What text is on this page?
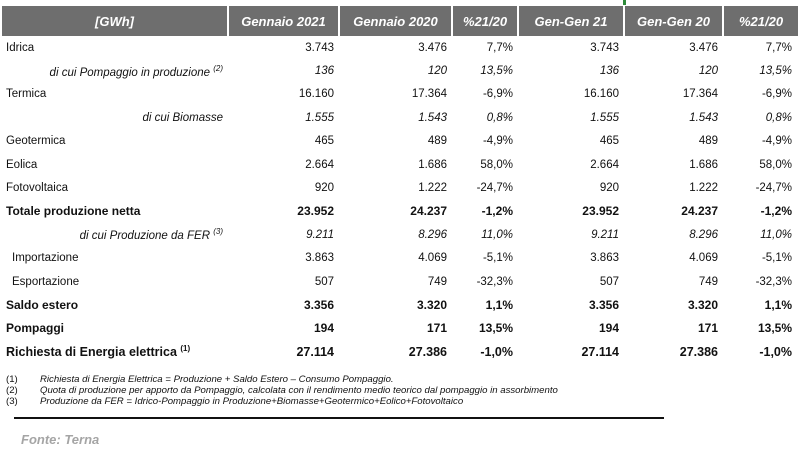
[GWh]	Gennaio 2021	Gennaio 2020	%21/20	Gen-Gen 21	Gen-Gen 20	%21/20
Idrica	3.743	3.476	7,7%	3.743	3.476	7,7%
di cui Pompaggio in produzione $^{(2)}$	136	120	13,5%	136	120	13,5%
Termica	16.160	17.364	-6,9%	16.160	17.364	-6,9%
di cui Biomasse	1.555	1.543	0,8%	1.555	1.543	0,8%
Geotermica	465	489	-4,9%	465	489	-4,9%
Eolica	2.664	1.686	58,0%	2.664	1.686	58,0%
Fotovoltaica	920	1.222	-24,7%	920	1.222	-24,7%
Totale produzione netta	23.952	24.237	-1,2%	23.952	24.237	-1,2%
di cui Produzione da FER $^{(3)}$	9.211	8.296	11,0%	9.211	8.296	11,0%
Importazione	3.863	4.069	-5,1%	3.863	4.069	-5,1%
Esportazione	507	749	-32,3%	507	749	-32,3%
Saldo estero	3.356	3.320	1,1%	3.356	3.320	1,1%
Pompaggi	194	171	13,5%	194	171	13,5%
Richiesta di Energia elettrica $^{(1)}$	27.114	27.386	-1,0%	27.114	27.386	-1,0%
(1)	Richiesta di Energia Elettrica = Produzione + Saldo Estero – Consumo Pompaggio.
(2)	Quota di produzione per apporto da Pompaggio, calcolata con il rendimento medio teorico dal pompaggio in assorbimento
(3)	Produzione da FER = Idrico-Pompaggio in Produzione+Biomasse+Geotermico+Eolico+Fotovoltaico
Fonte: Terna
